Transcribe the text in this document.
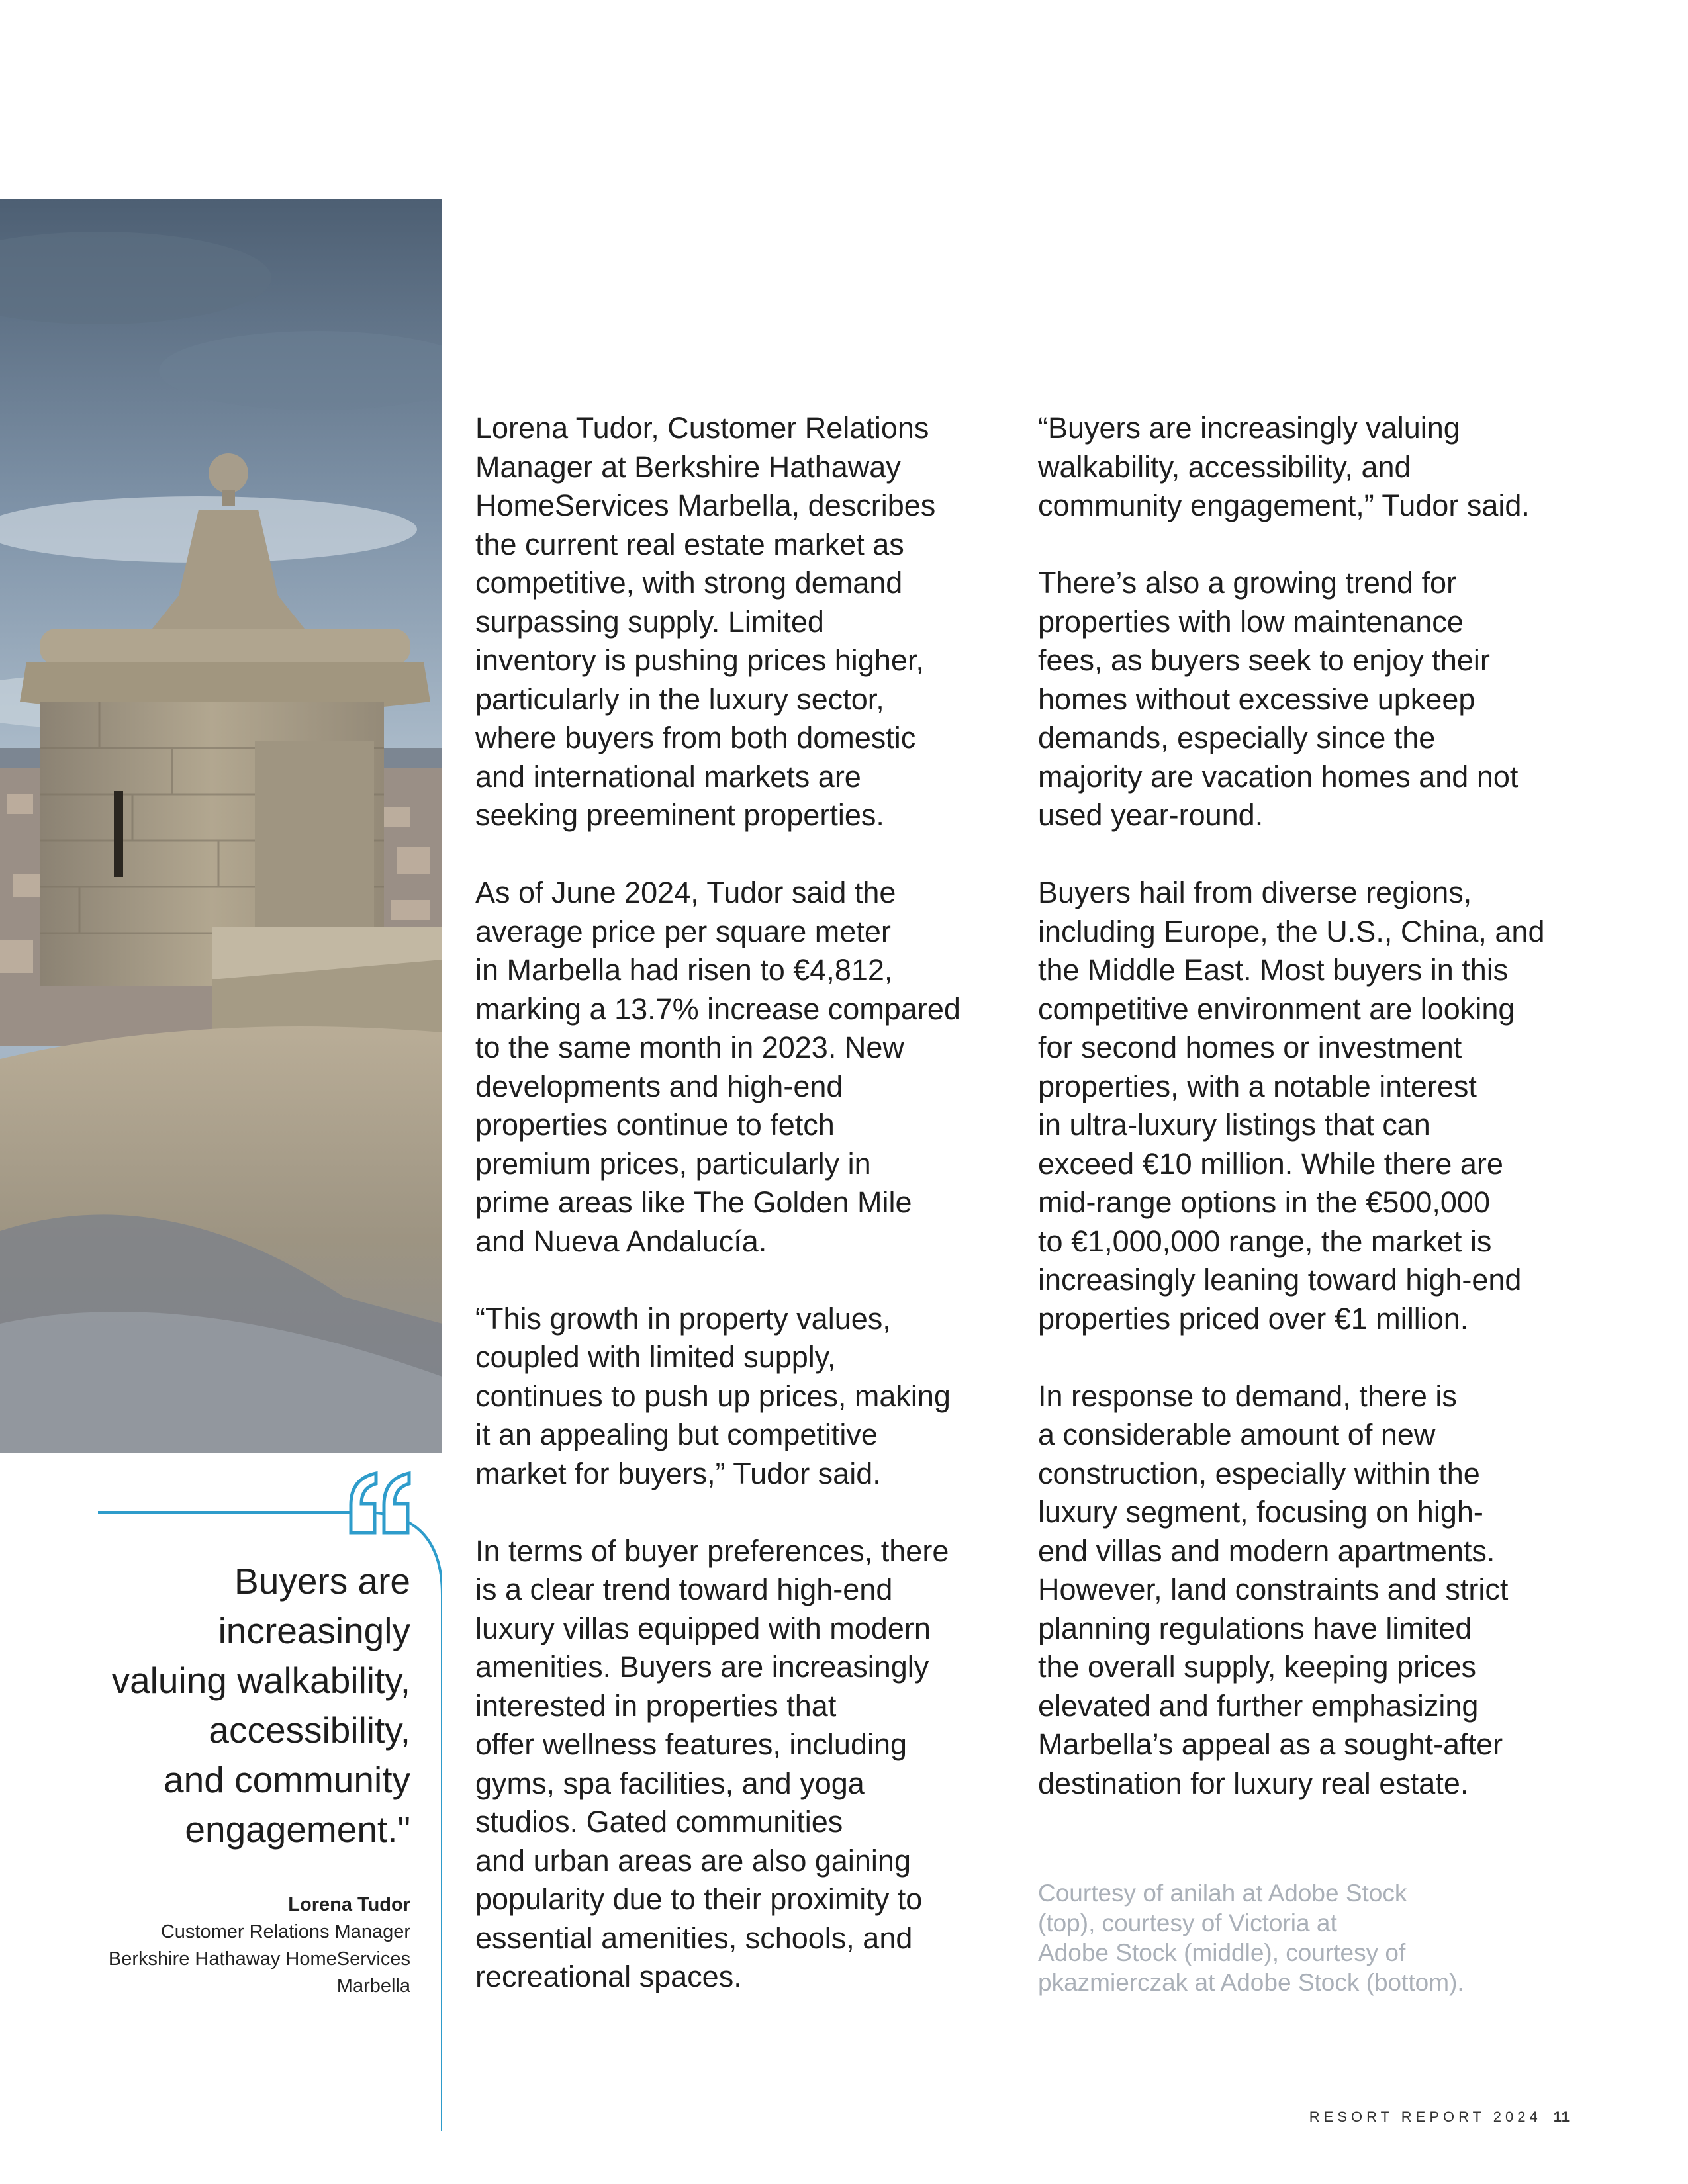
Buyers are
increasingly
valuing walkability,
accessibility,
and community
engagement."
Lorena Tudor
Customer Relations Manager
Berkshire Hathaway HomeServices
Marbella

Lorena Tudor, Customer Relations
Manager at Berkshire Hathaway
HomeServices Marbella, describes
the current real estate market as
competitive, with strong demand
surpassing supply. Limited
inventory is pushing prices higher,
particularly in the luxury sector,
where buyers from both domestic
and international markets are
seeking preeminent properties.

As of June 2024, Tudor said the
average price per square meter
in Marbella had risen to €4,812,
marking a 13.7% increase compared
to the same month in 2023. New
developments and high-end
properties continue to fetch
premium prices, particularly in
prime areas like The Golden Mile
and Nueva Andalucía.

“This growth in property values,
coupled with limited supply,
continues to push up prices, making
it an appealing but competitive
market for buyers,” Tudor said.

In terms of buyer preferences, there
is a clear trend toward high-end
luxury villas equipped with modern
amenities. Buyers are increasingly
interested in properties that
offer wellness features, including
gyms, spa facilities, and yoga
studios. Gated communities
and urban areas are also gaining
popularity due to their proximity to
essential amenities, schools, and
recreational spaces.

“Buyers are increasingly valuing
walkability, accessibility, and
community engagement,” Tudor said.

There’s also a growing trend for
properties with low maintenance
fees, as buyers seek to enjoy their
homes without excessive upkeep
demands, especially since the
majority are vacation homes and not
used year-round.

Buyers hail from diverse regions,
including Europe, the U.S., China, and
the Middle East. Most buyers in this
competitive environment are looking
for second homes or investment
properties, with a notable interest
in ultra-luxury listings that can
exceed €10 million. While there are
mid-range options in the €500,000
to €1,000,000 range, the market is
increasingly leaning toward high-end
properties priced over €1 million.

In response to demand, there is
a considerable amount of new
construction, especially within the
luxury segment, focusing on high-
end villas and modern apartments.
However, land constraints and strict
planning regulations have limited
the overall supply, keeping prices
elevated and further emphasizing
Marbella’s appeal as a sought-after
destination for luxury real estate.

Courtesy of anilah at Adobe Stock
(top), courtesy of Victoria at
Adobe Stock (middle), courtesy of
pkazmierczak at Adobe Stock (bottom).
RESORT REPORT 2024 11
